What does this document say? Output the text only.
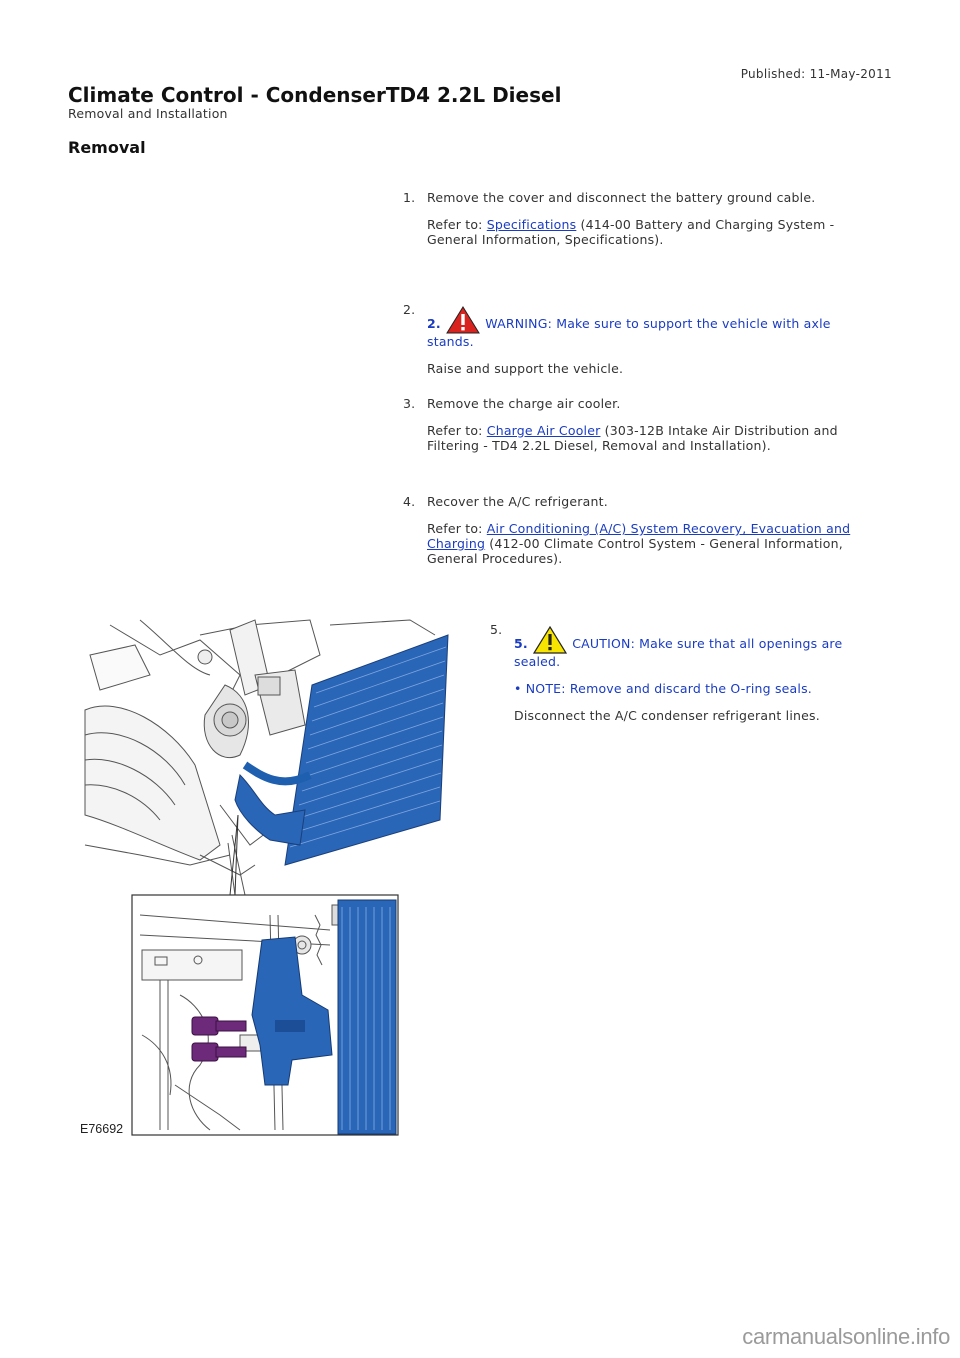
Published: 11-May-2011
Climate Control - CondenserTD4 2.2L Diesel
Removal and Installation
Removal
1. Remove the cover and disconnect the battery ground cable.

Refer to: Specifications (414-00 Battery and Charging System - General Information, Specifications).

2.

2.	WARNING: Make sure to support the vehicle with axle stands.

Raise and support the vehicle.

3. Remove the charge air cooler.

Refer to: Charge Air Cooler (303-12B Intake Air Distribution and Filtering - TD4 2.2L Diesel, Removal and Installation).

4. Recover the A/C refrigerant.

Refer to: Air Conditioning (A/C) System Recovery, Evacuation and Charging (412-00 Climate Control System - General Information, General Procedures).

5.

5.	CAUTION: Make sure that all openings are sealed.

• NOTE: Remove and discard the O-ring seals.

Disconnect the A/C condenser refrigerant lines.

E76692
carmanualsonline.info
